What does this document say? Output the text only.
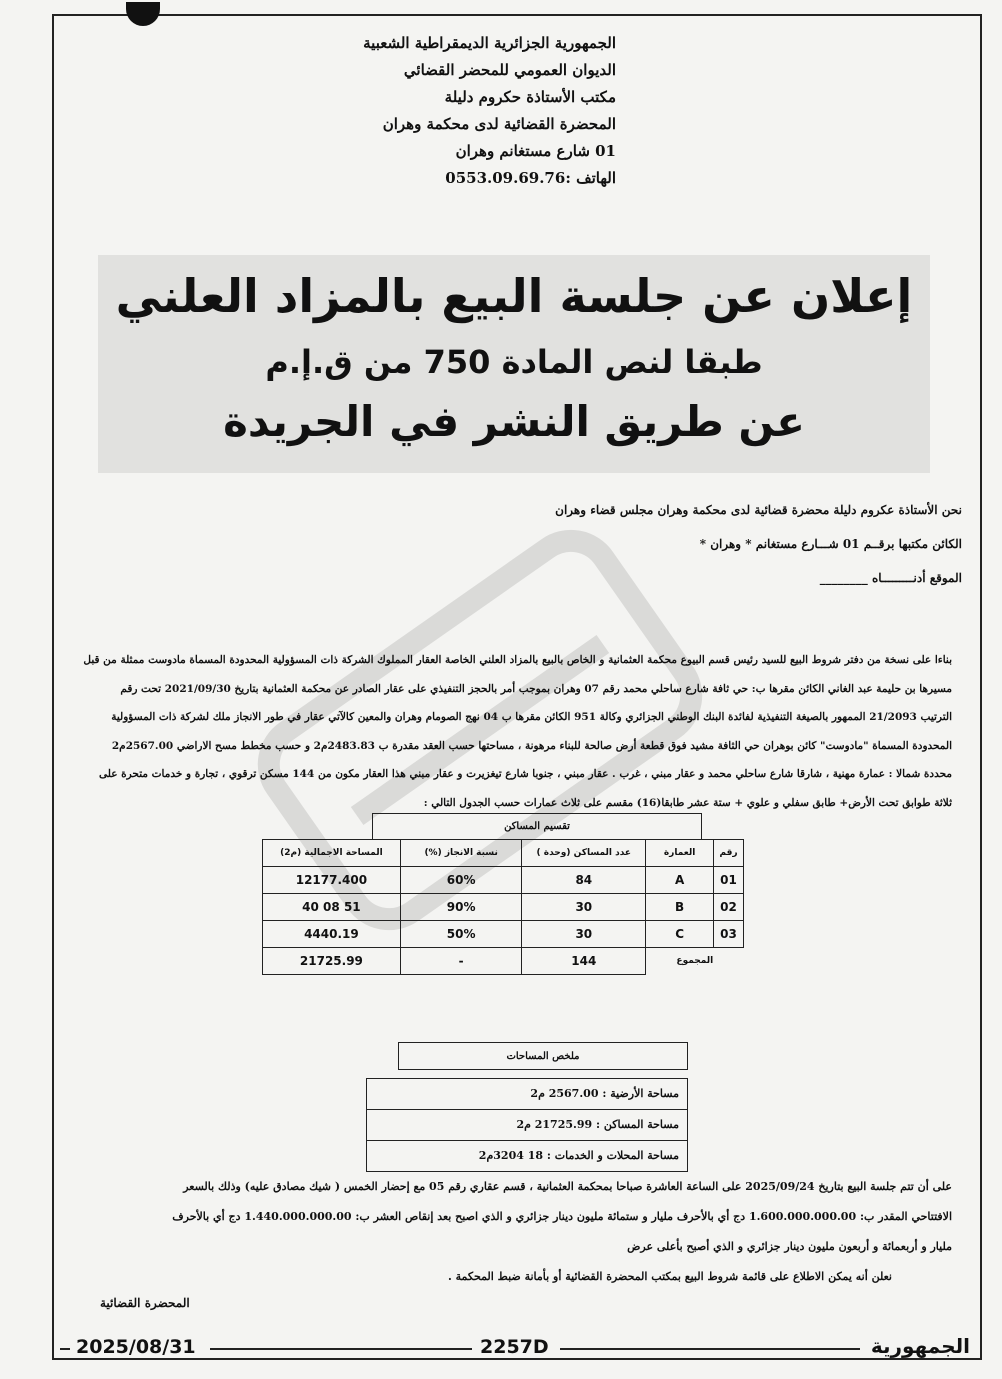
الجمهورية الجزائرية الديمقراطية الشعبية
الديوان العمومي للمحضر القضائي
مكتب الأستاذة حكروم دليلة
المحضرة القضائية لدى محكمة وهران
01 شارع مستغانم وهران
الهاتف :0553.09.69.76
إعلان عن جلسة البيع بالمزاد العلني
طبقا لنص المادة 750 من ق.إ.م
عن طريق النشر في الجريدة
نحن الأستاذة عكروم دليلة محضرة قضائية لدى محكمة وهران مجلس قضاء وهران
الكائن مكتبها برقــم 01 شـــارع مستغانم * وهران *
الموقع أدنـــــــــاه ________
بناءا على نسخة من دفتر شروط البيع للسيد رئيس قسم البيوع محكمة العثمانية و الخاص بالبيع بالمزاد العلني الخاصة العقار المملوك الشركة ذات المسؤولية المحدودة المسماة مادوست ممثلة من قبل
مسيرها بن حليمة عبد الغاني الكائن مقرها ب: حي ثافة شارع ساحلي محمد رقم 07 وهران بموجب أمر بالحجز التنفيذي على عقار الصادر عن محكمة العثمانية بتاريخ 2021/09/30 تحت رقم
الترتيب 21/2093 الممهور بالصيغة التنفيذية لفائدة البنك الوطني الجزائري وكالة 951 الكائن مقرها ب 04 نهج الصومام وهران والمعين كالآتي عقار في طور الانجاز ملك لشركة ذات المسؤولية
المحدودة المسماة "مادوست" كائن بوهران حي الثافة مشيد فوق قطعة أرض صالحة للبناء مرهونة ، مساحتها حسب العقد مقدرة ب 2483.83م2 و حسب مخطط مسح الاراضي 2567.00م2
محددة شمالا : عمارة مهنية ، شارقا شارع ساحلي محمد و عقار مبني ، غرب . عقار مبني ، جنوبا شارع تيغزيرت و عقار مبني هذا العقار مكون من 144 مسكن ترقوي ، تجارة و خدمات متحرة على
ثلاثة طوابق تحت الأرض+ طابق سفلي و علوي + ستة عشر طابقا(16) مقسم على ثلاث عمارات حسب الجدول التالي :
تقسيم المساكن
رقم	العمارة	عدد المساكن (وحدة )	نسبة الانجاز (%)	المساحة الاجمالية (م2)
01	A	84	60%	12177.400
02	B	30	90%	51 08 40
03	C	30	50%	4440.19
المجموع		144	-	21725.99
ملخص المساحات
مساحة الأرضية : 2567.00 م2
مساحة المساكن : 21725.99 م2
مساحة المحلات و الخدمات : 18 3204م2
على أن تتم جلسة البيع بتاريخ 2025/09/24 على الساعة العاشرة صباحا بمحكمة العثمانية ، قسم عقاري رقم 05 مع إحضار الخمس ( شيك مصادق عليه) وذلك بالسعر
الافتتاحي المقدر ب: 1.600.000.000.00 دج أي بالأحرف مليار و ستمائة مليون دينار جزائري و الذي اصبح بعد إنقاص العشر ب: 1.440.000.000.00 دج أي بالأحرف
مليار و أربعمائة و أربعون مليون دينار جزائري و الذي أصبح بأعلى عرض
نعلن أنه يمكن الاطلاع على قائمة شروط البيع بمكتب المحضرة القضائية أو بأمانة ضبط المحكمة .
المحضرة القضائية
2025/08/31	2257D	الجمهورية
